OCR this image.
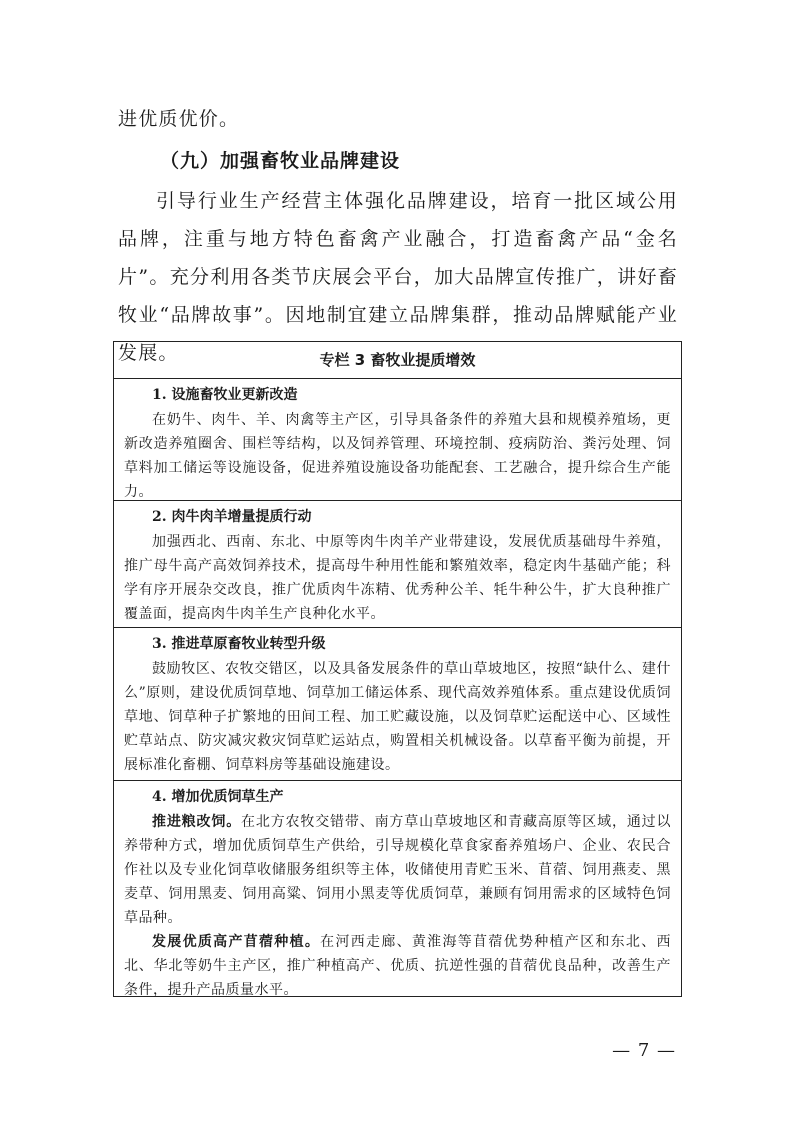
进优质优价。

（九）加强畜牧业品牌建设

引导行业生产经营主体强化品牌建设，培育一批区域公用品牌，注重与地方特色畜禽产业融合，打造畜禽产品“金名片”。充分利用各类节庆展会平台，加大品牌宣传推广，讲好畜牧业“品牌故事”。因地制宜建立品牌集群，推动品牌赋能产业发展。	专栏 3 畜牧业提质增效

1. 设施畜牧业更新改造

在奶牛、肉牛、羊、肉禽等主产区，引导具备条件的养殖大县和规模养殖场，更新改造养殖圈舍、围栏等结构，以及饲养管理、环境控制、疫病防治、粪污处理、饲草料加工储运等设施设备，促进养殖设施设备功能配套、工艺融合，提升综合生产能力。

2. 肉牛肉羊增量提质行动

加强西北、西南、东北、中原等肉牛肉羊产业带建设，发展优质基础母牛养殖，推广母牛高产高效饲养技术，提高母牛种用性能和繁殖效率，稳定肉牛基础产能；科学有序开展杂交改良，推广优质肉牛冻精、优秀种公羊、牦牛种公牛，扩大良种推广覆盖面，提高肉牛肉羊生产良种化水平。

3. 推进草原畜牧业转型升级

鼓励牧区、农牧交错区，以及具备发展条件的草山草坡地区，按照“缺什么、建什么”原则，建设优质饲草地、饲草加工储运体系、现代高效养殖体系。重点建设优质饲草地、饲草种子扩繁地的田间工程、加工贮藏设施，以及饲草贮运配送中心、区域性贮草站点、防灾减灾救灾饲草贮运站点，购置相关机械设备。以草畜平衡为前提，开展标准化畜棚、饲草料房等基础设施建设。

4. 增加优质饲草生产

推进粮改饲。在北方农牧交错带、南方草山草坡地区和青藏高原等区域，通过以养带种方式，增加优质饲草生产供给，引导规模化草食家畜养殖场户、企业、农民合作社以及专业化饲草收储服务组织等主体，收储使用青贮玉米、苜蓿、饲用燕麦、黑麦草、饲用黑麦、饲用高粱、饲用小黑麦等优质饲草，兼顾有饲用需求的区域特色饲草品种。

发展优质高产苜蓿种植。在河西走廊、黄淮海等苜蓿优势种植产区和东北、西北、华北等奶牛主产区，推广种植高产、优质、抗逆性强的苜蓿优良品种，改善生产条件，提升产品质量水平。

— 7 —
